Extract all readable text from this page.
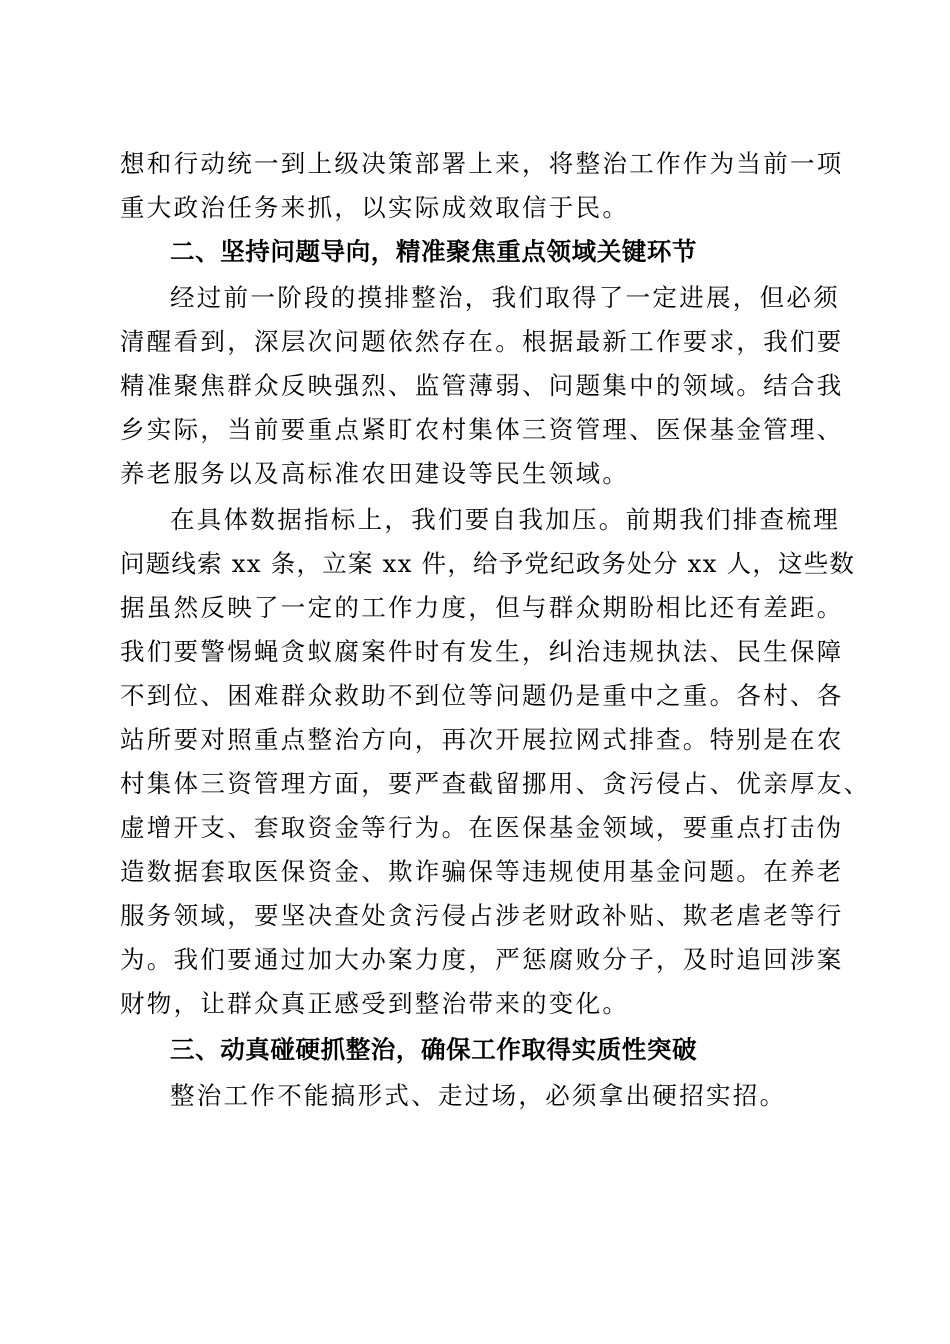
想和行动统一到上级决策部署上来，将整治工作作为当前一项
重大政治任务来抓，以实际成效取信于民。
二、坚持问题导向，精准聚焦重点领域关键环节
经过前一阶段的摸排整治，我们取得了一定进展，但必须
清醒看到，深层次问题依然存在。根据最新工作要求，我们要
精准聚焦群众反映强烈、监管薄弱、问题集中的领域。结合我
乡实际，当前要重点紧盯农村集体三资管理、医保基金管理、
养老服务以及高标准农田建设等民生领域。
在具体数据指标上，我们要自我加压。前期我们排查梳理
问题线索 xx 条，立案 xx 件，给予党纪政务处分 xx 人，这些数
据虽然反映了一定的工作力度，但与群众期盼相比还有差距。
我们要警惕蝇贪蚁腐案件时有发生，纠治违规执法、民生保障
不到位、困难群众救助不到位等问题仍是重中之重。各村、各
站所要对照重点整治方向，再次开展拉网式排查。特别是在农
村集体三资管理方面，要严查截留挪用、贪污侵占、优亲厚友、
虚增开支、套取资金等行为。在医保基金领域，要重点打击伪
造数据套取医保资金、欺诈骗保等违规使用基金问题。在养老
服务领域，要坚决查处贪污侵占涉老财政补贴、欺老虐老等行
为。我们要通过加大办案力度，严惩腐败分子，及时追回涉案
财物，让群众真正感受到整治带来的变化。
三、动真碰硬抓整治，确保工作取得实质性突破
整治工作不能搞形式、走过场，必须拿出硬招实招。
